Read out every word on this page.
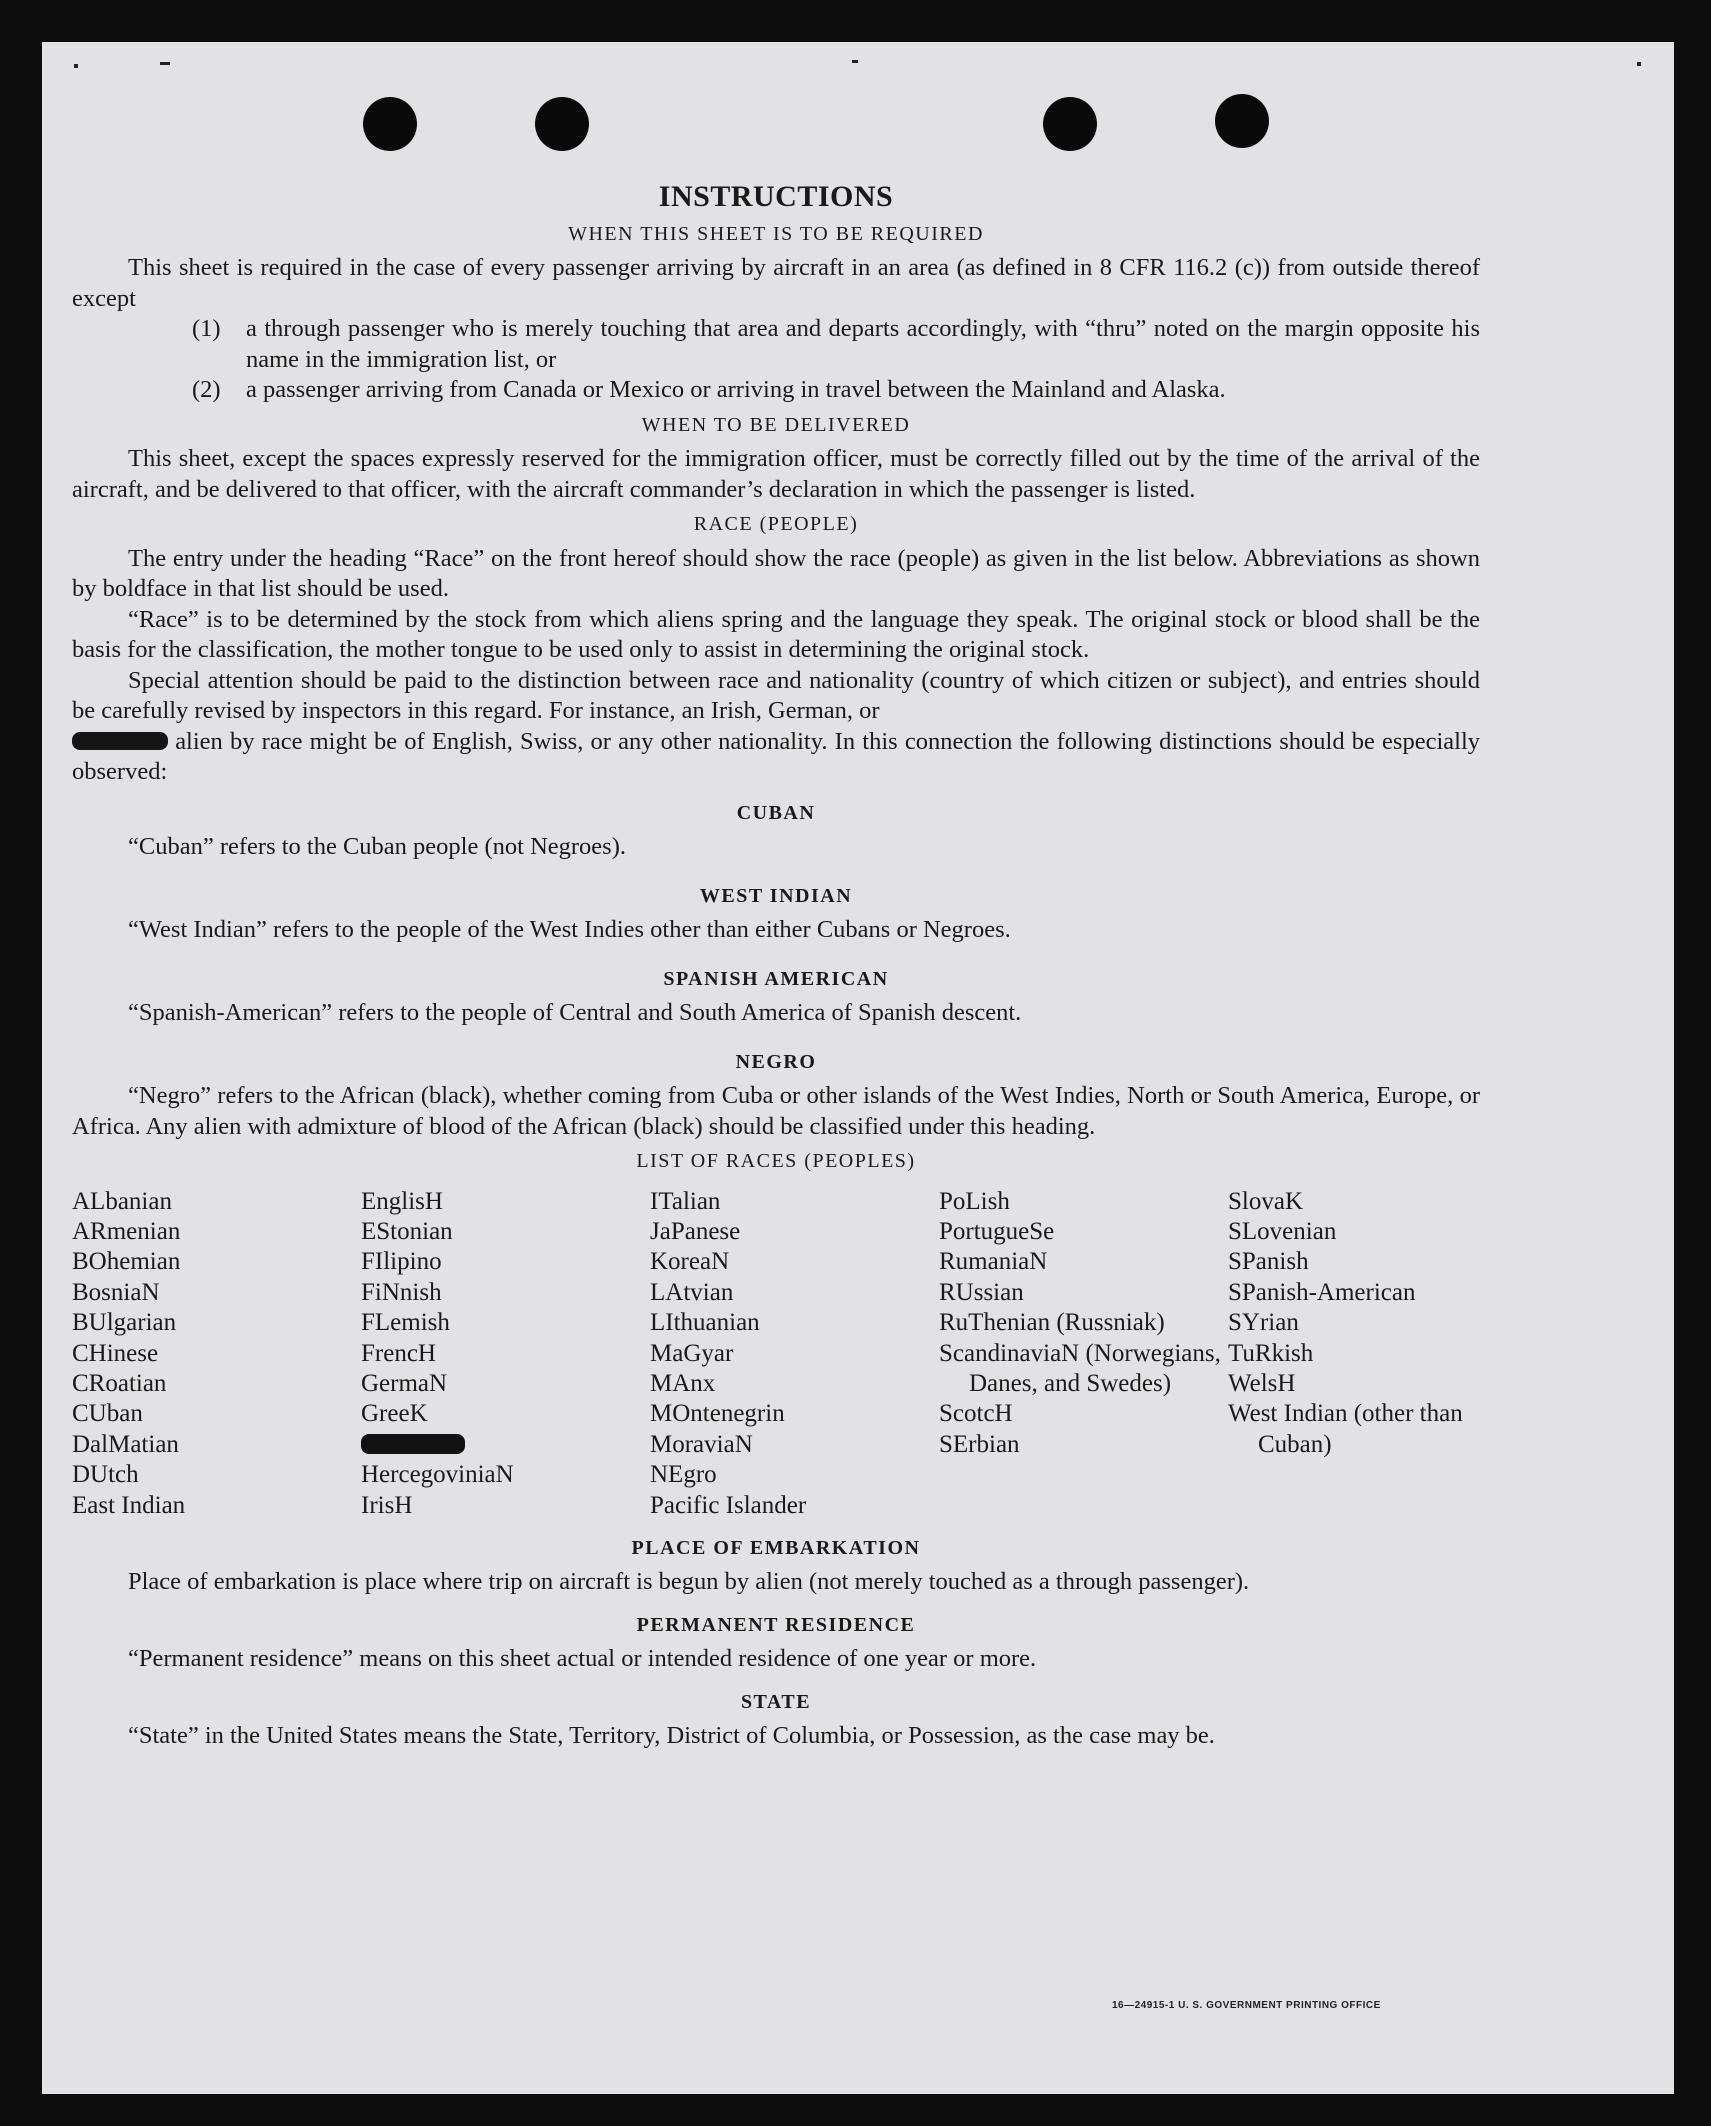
INSTRUCTIONS
WHEN THIS SHEET IS TO BE REQUIRED

This sheet is required in the case of every passenger arriving by aircraft in an area (as defined in 8 CFR 116.2 (c)) from outside thereof except

(1)	a through passenger who is merely touching that area and departs accordingly, with “thru” noted on the margin opposite his name in the immigration list, or
(2)	a passenger arriving from Canada or Mexico or arriving in travel between the Mainland and Alaska.
WHEN TO BE DELIVERED

This sheet, except the spaces expressly reserved for the immigration officer, must be correctly filled out by the time of the arrival of the aircraft, and be delivered to that officer, with the aircraft commander’s declaration in which the passenger is listed.

RACE (PEOPLE)

The entry under the heading “Race” on the front hereof should show the race (people) as given in the list below. Abbreviations as shown by boldface in that list should be used.

“Race” is to be determined by the stock from which aliens spring and the language they speak. The original stock or blood shall be the basis for the classification, the mother tongue to be used only to assist in determining the original stock.

Special attention should be paid to the distinction between race and nationality (country of which citizen or subject), and entries should be carefully revised by inspectors in this regard. For instance, an Irish, German, or

alien by race might be of English, Swiss, or any other nationality. In this connection the following distinctions should be especially observed:

CUBAN

“Cuban” refers to the Cuban people (not Negroes).

WEST INDIAN

“West Indian” refers to the people of the West Indies other than either Cubans or Negroes.

SPANISH AMERICAN

“Spanish-American” refers to the people of Central and South America of Spanish descent.

NEGRO

“Negro” refers to the African (black), whether coming from Cuba or other islands of the West Indies, North or South America, Europe, or Africa. Any alien with admixture of blood of the African (black) should be classified under this heading.

LIST OF RACES (PEOPLES)
ALbanian
ARmenian
BOhemian
BosniaN
BUlgarian
CHinese
CRoatian
CUban
DalMatian
DUtch
East Indian
EnglisH
EStonian
FIlipino
FiNnish
FLemish
FrencH
GermaN
GreeK
HercegoviniaN
IrisH
ITalian
JaPanese
KoreaN
LAtvian
LIthuanian
MaGyar
MAnx
MOntenegrin
MoraviaN
NEgro
Pacific Islander
PoLish
PortugueSe
RumaniaN
RUssian
RuThenian (Russniak)
ScandinaviaN (Norwegians, Danes, and Swedes)
ScotcH
SErbian
SlovaK
SLovenian
SPanish
SPanish-American
SYrian
TuRkish
WelsH
West Indian (other than Cuban)
PLACE OF EMBARKATION

Place of embarkation is place where trip on aircraft is begun by alien (not merely touched as a through passenger).

PERMANENT RESIDENCE

“Permanent residence” means on this sheet actual or intended residence of one year or more.

STATE

“State” in the United States means the State, Territory, District of Columbia, or Possession, as the case may be.

16—24915-1 U. S. GOVERNMENT PRINTING OFFICE
